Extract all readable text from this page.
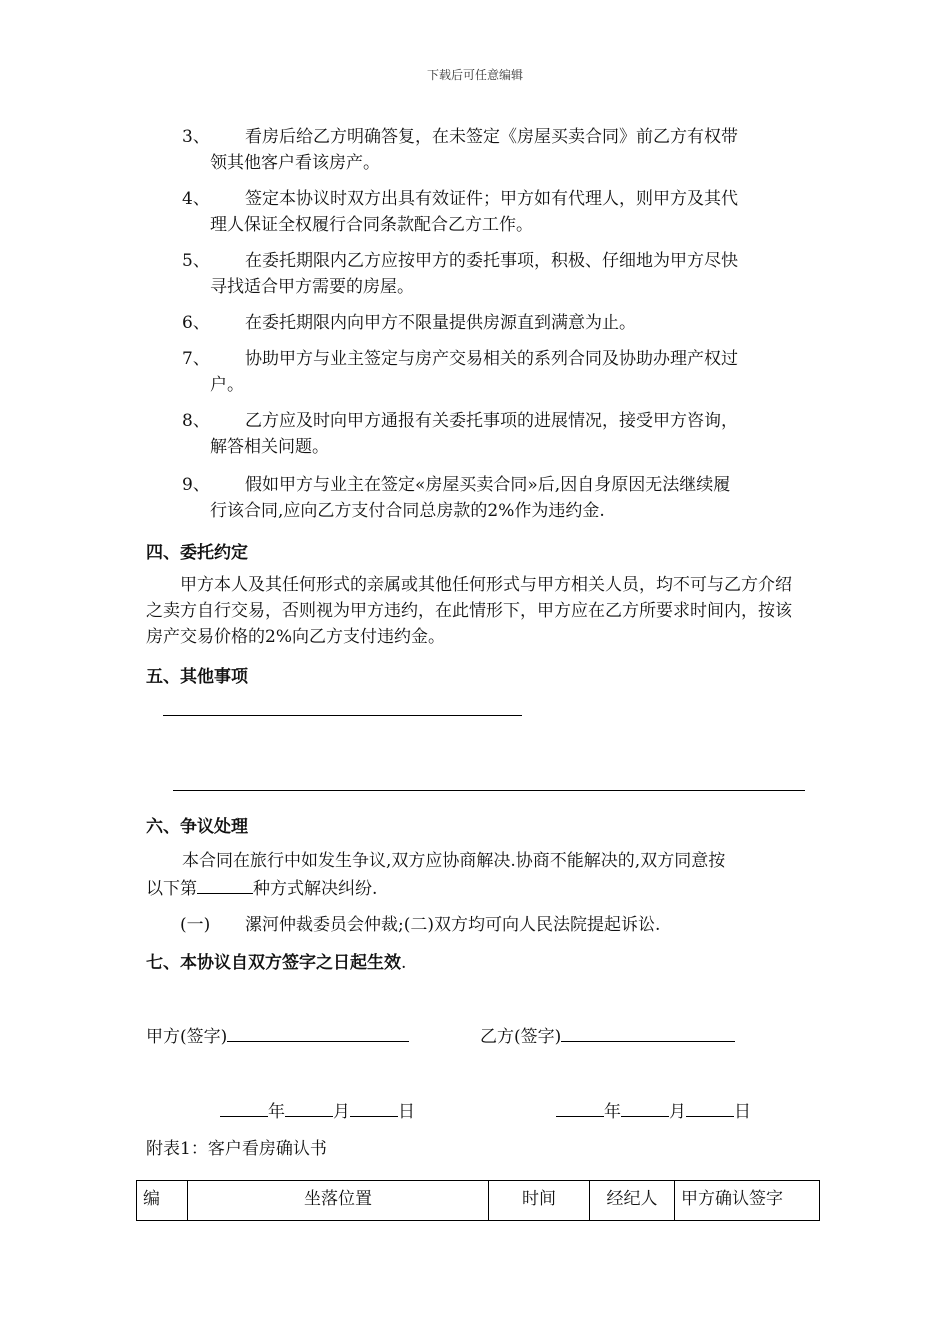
下载后可任意编辑
3、 看房后给乙方明确答复，在未签定《房屋买卖合同》前乙方有权带
领其他客户看该房产。
4、 签定本协议时双方出具有效证件；甲方如有代理人，则甲方及其代
理人保证全权履行合同条款配合乙方工作。
5、 在委托期限内乙方应按甲方的委托事项，积极、仔细地为甲方尽快
寻找适合甲方需要的房屋。
6、 在委托期限内向甲方不限量提供房源直到满意为止。
7、 协助甲方与业主签定与房产交易相关的系列合同及协助办理产权过
户。
8、 乙方应及时向甲方通报有关委托事项的进展情况，接受甲方咨询，
解答相关问题。
9、 假如甲方与业主在签定«房屋买卖合同»后,因自身原因无法继续履
行该合同,应向乙方支付合同总房款的2%作为违约金.
四、委托约定
甲方本人及其任何形式的亲属或其他任何形式与甲方相关人员，均不可与乙方介绍之卖方自行交易，否则视为甲方违约，在此情形下，甲方应在乙方所要求时间内，按该房产交易价格的2%向乙方支付违约金。
五、其他事项
六、争议处理
本合同在旅行中如发生争议,双方应协商解决.协商不能解决的,双方同意按
以下第	种方式解决纠纷.
(一) 漯河仲裁委员会仲裁;(二)双方均可向人民法院提起诉讼.
七、本协议自双方签字之日起生效.
甲方(签字)	乙方(签字)
年	月	日	年	月	日
附表1：客户看房确认书
编	坐落位置	时间	经纪人	甲方确认签字
